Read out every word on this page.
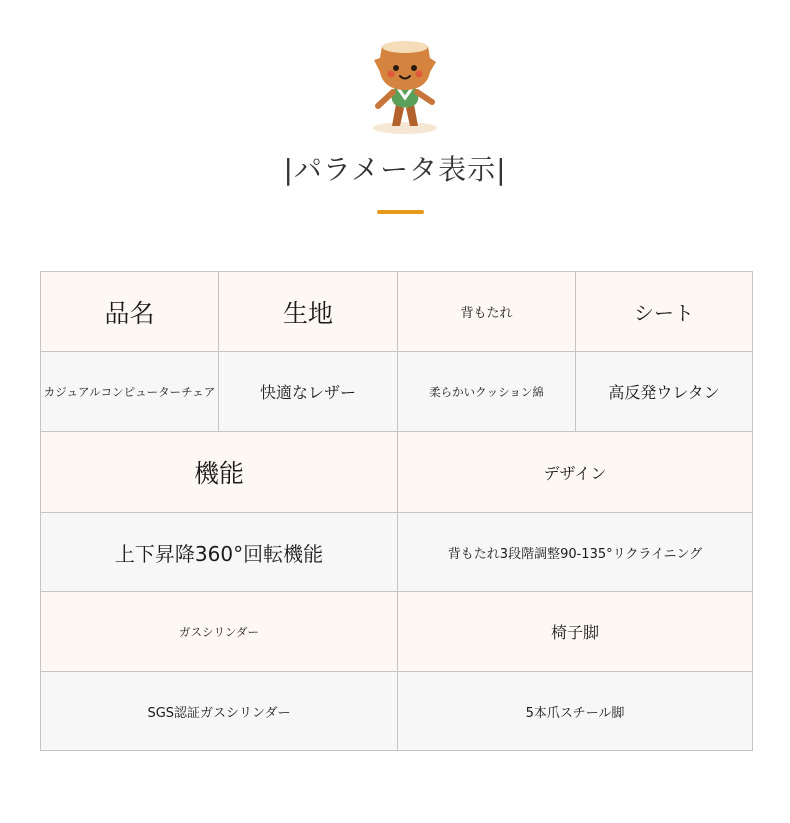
|パラメータ表示|
品名	生地	背もたれ	シート
カジュアルコンピューターチェア	快適なレザー	柔らかいクッション綿	高反発ウレタン
機能	デザイン
上下昇降360°回転機能	背もたれ3段階調整90-135°リクライニング
ガスシリンダー	椅子脚
SGS認証ガスシリンダー	5本爪スチール脚
